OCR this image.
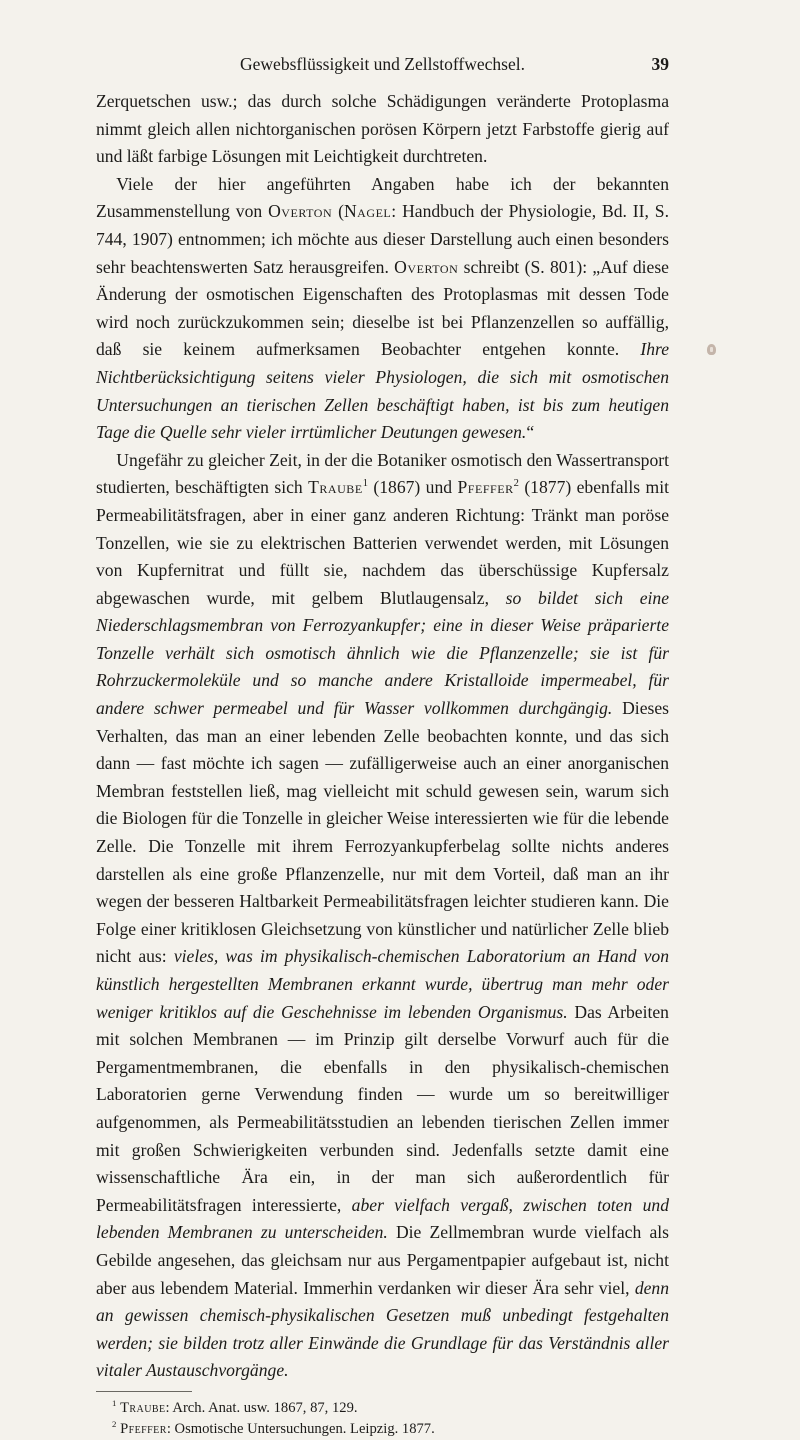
Gewebsflüssigkeit und Zellstoffwechsel.	39

Zerquetschen usw.; das durch solche Schädigungen veränderte Protoplasma nimmt gleich allen nichtorganischen porösen Körpern jetzt Farbstoffe gierig auf und läßt farbige Lösungen mit Leichtigkeit durchtreten.

Viele der hier angeführten Angaben habe ich der bekannten Zusammenstellung von Overton (Nagel: Handbuch der Physiologie, Bd. II, S. 744, 1907) entnommen; ich möchte aus dieser Darstellung auch einen besonders sehr beachtenswerten Satz herausgreifen. Overton schreibt (S. 801): „Auf diese Änderung der osmotischen Eigenschaften des Protoplasmas mit dessen Tode wird noch zurückzukommen sein; dieselbe ist bei Pflanzenzellen so auffällig, daß sie keinem aufmerksamen Beobachter entgehen konnte. Ihre Nichtberücksichtigung seitens vieler Physiologen, die sich mit osmotischen Untersuchungen an tierischen Zellen beschäftigt haben, ist bis zum heutigen Tage die Quelle sehr vieler irrtümlicher Deutungen gewesen.“

Ungefähr zu gleicher Zeit, in der die Botaniker osmotisch den Wassertransport studierten, beschäftigten sich Traube$^1$ (1867) und Pfeffer$^2$ (1877) ebenfalls mit Permeabilitätsfragen, aber in einer ganz anderen Richtung: Tränkt man poröse Tonzellen, wie sie zu elektrischen Batterien verwendet werden, mit Lösungen von Kupfernitrat und füllt sie, nachdem das überschüssige Kupfersalz abgewaschen wurde, mit gelbem Blutlaugensalz, so bildet sich eine Niederschlagsmembran von Ferrozyankupfer; eine in dieser Weise präparierte Tonzelle verhält sich osmotisch ähnlich wie die Pflanzenzelle; sie ist für Rohrzuckermoleküle und so manche andere Kristalloide impermeabel, für andere schwer permeabel und für Wasser vollkommen durchgängig. Dieses Verhalten, das man an einer lebenden Zelle beobachten konnte, und das sich dann — fast möchte ich sagen — zufälligerweise auch an einer anorganischen Membran feststellen ließ, mag vielleicht mit schuld gewesen sein, warum sich die Biologen für die Tonzelle in gleicher Weise interessierten wie für die lebende Zelle. Die Tonzelle mit ihrem Ferrozyankupferbelag sollte nichts anderes darstellen als eine große Pflanzenzelle, nur mit dem Vorteil, daß man an ihr wegen der besseren Haltbarkeit Permeabilitätsfragen leichter studieren kann. Die Folge einer kritiklosen Gleichsetzung von künstlicher und natürlicher Zelle blieb nicht aus: vieles, was im physikalisch-chemischen Laboratorium an Hand von künstlich hergestellten Membranen erkannt wurde, übertrug man mehr oder weniger kritiklos auf die Geschehnisse im lebenden Organismus. Das Arbeiten mit solchen Membranen — im Prinzip gilt derselbe Vorwurf auch für die Pergamentmembranen, die ebenfalls in den physikalisch-chemischen Laboratorien gerne Verwendung finden — wurde um so bereitwilliger aufgenommen, als Permeabilitätsstudien an lebenden tierischen Zellen immer mit großen Schwierigkeiten verbunden sind. Jedenfalls setzte damit eine wissenschaftliche Ära ein, in der man sich außerordentlich für Permeabilitätsfragen interessierte, aber vielfach vergaß, zwischen toten und lebenden Membranen zu unterscheiden. Die Zellmembran wurde vielfach als Gebilde angesehen, das gleichsam nur aus Pergamentpapier aufgebaut ist, nicht aber aus lebendem Material. Immerhin verdanken wir dieser Ära sehr viel, denn an gewissen chemisch-physikalischen Gesetzen muß unbedingt festgehalten werden; sie bilden trotz aller Einwände die Grundlage für das Verständnis aller vitaler Austauschvorgänge.

$^1$ Traube: Arch. Anat. usw. 1867, 87, 129.

$^2$ Pfeffer: Osmotische Untersuchungen. Leipzig. 1877.
